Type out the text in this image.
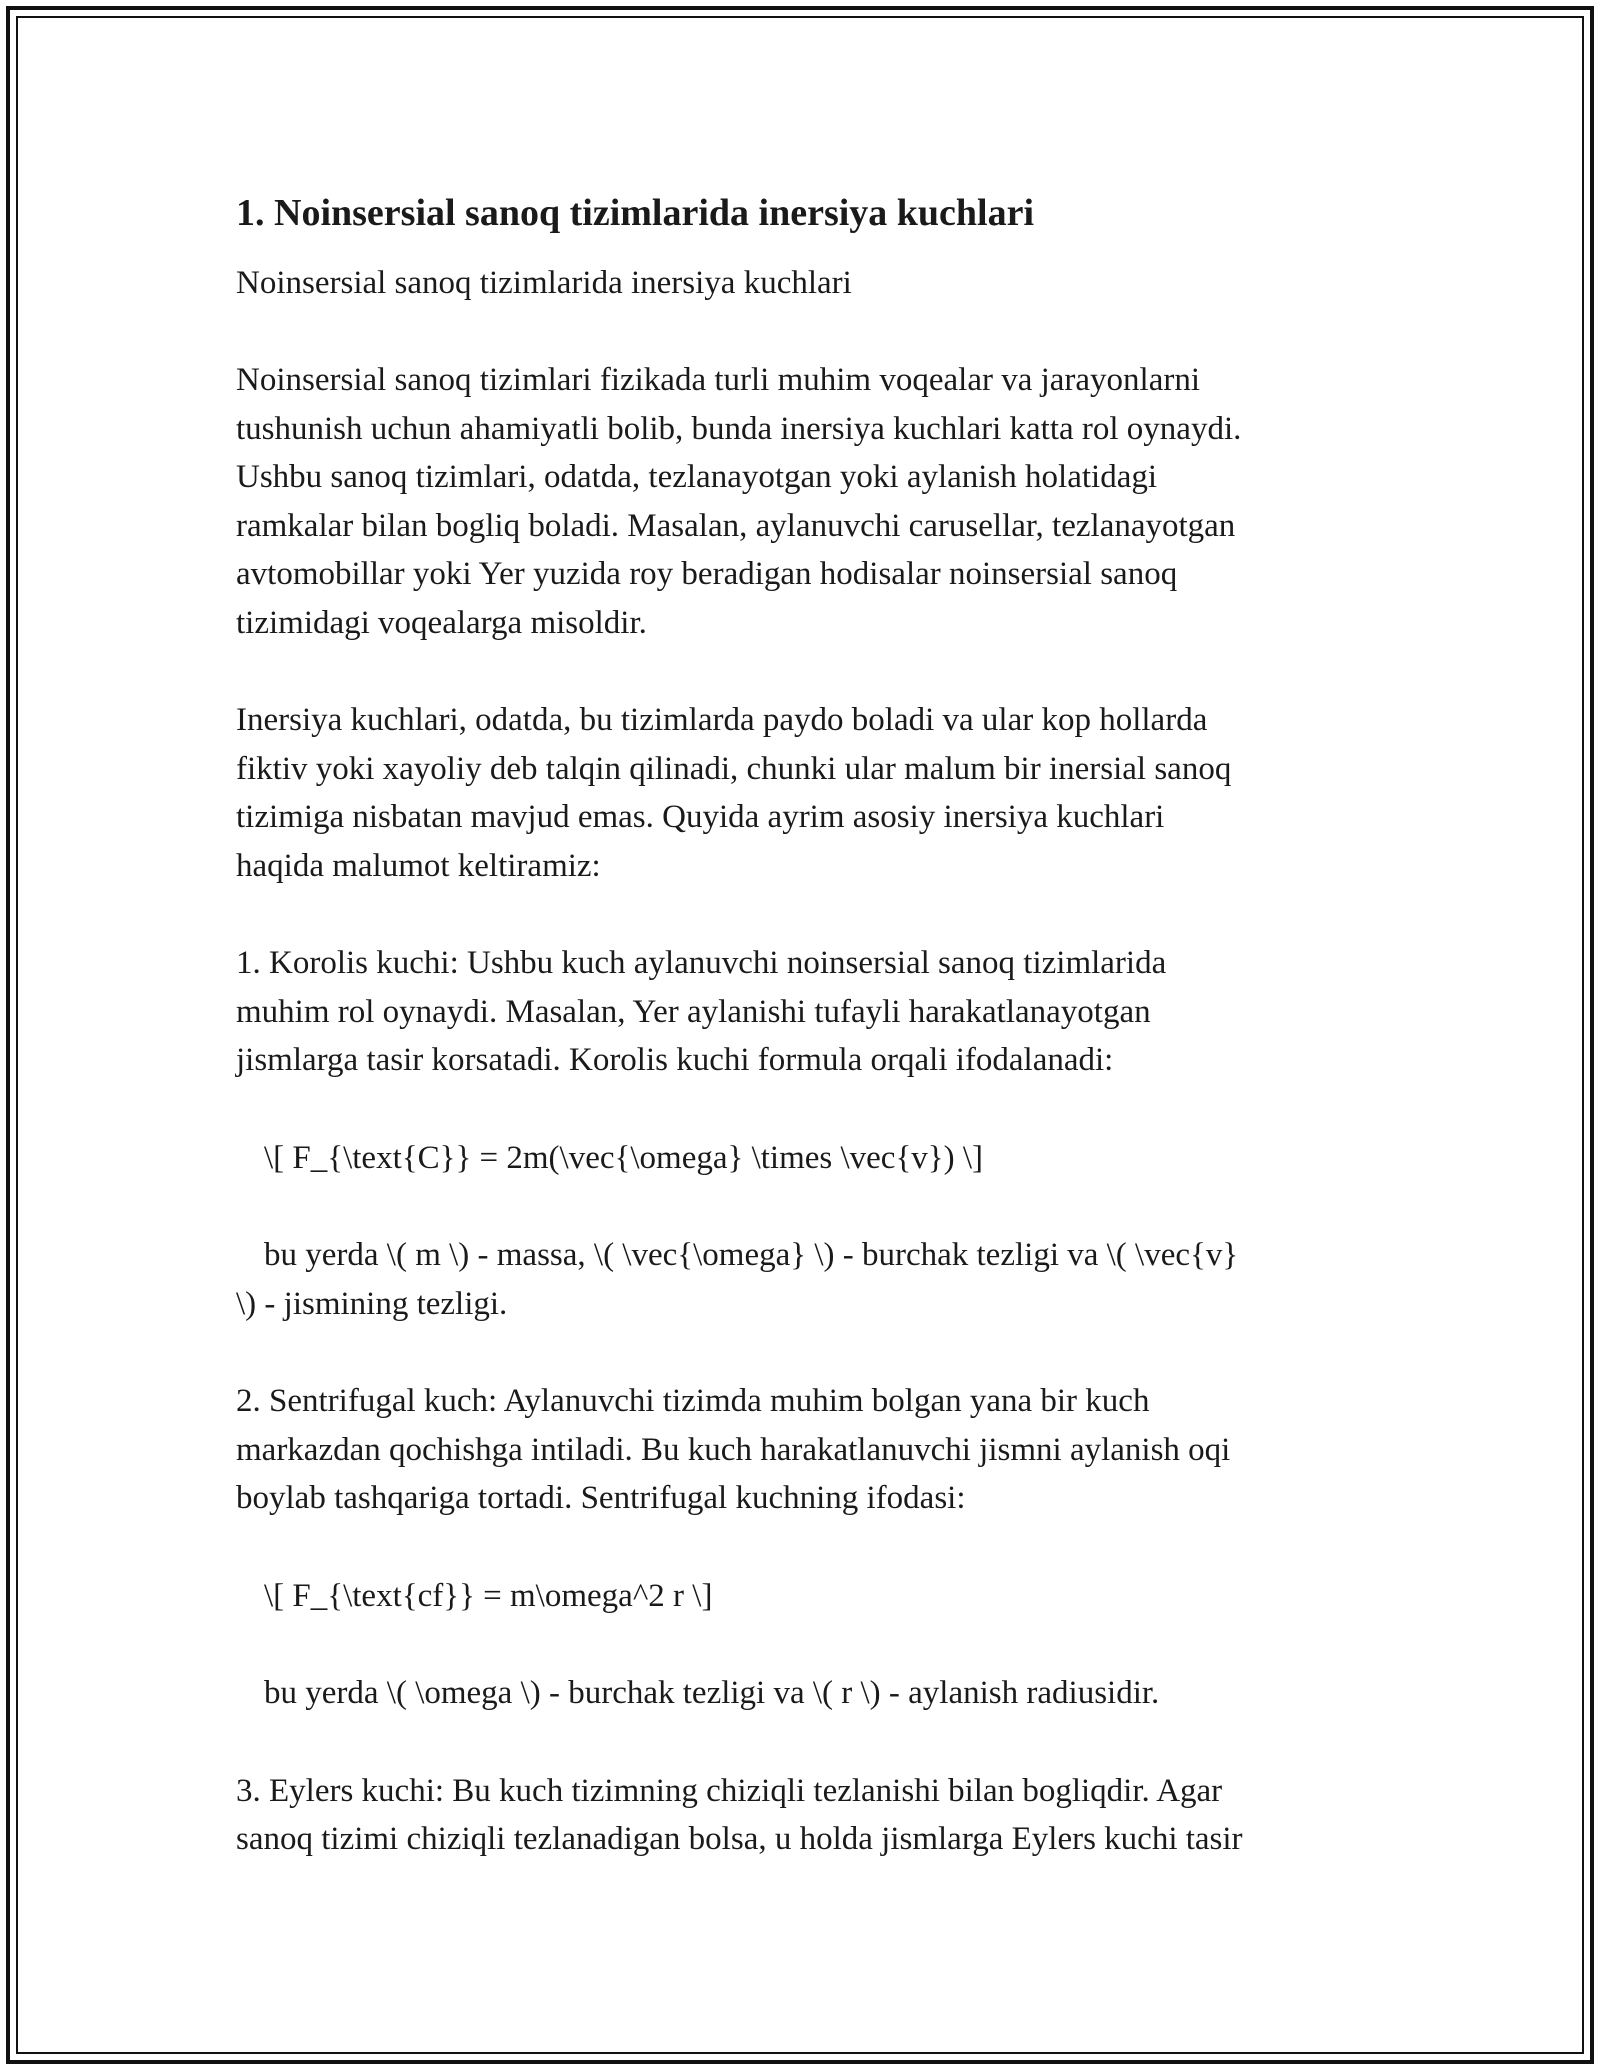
1. Noinsersial sanoq tizimlarida inersiya kuchlari
Noinsersial sanoq tizimlarida inersiya kuchlari

Noinsersial sanoq tizimlari fizikada turli muhim voqealar va jarayonlarni
tushunish uchun ahamiyatli bolib, bunda inersiya kuchlari katta rol oynaydi.
Ushbu sanoq tizimlari, odatda, tezlanayotgan yoki aylanish holatidagi
ramkalar bilan bogliq boladi. Masalan, aylanuvchi carusellar, tezlanayotgan
avtomobillar yoki Yer yuzida roy beradigan hodisalar noinsersial sanoq
tizimidagi voqealarga misoldir.

Inersiya kuchlari, odatda, bu tizimlarda paydo boladi va ular kop hollarda
fiktiv yoki xayoliy deb talqin qilinadi, chunki ular malum bir inersial sanoq
tizimiga nisbatan mavjud emas. Quyida ayrim asosiy inersiya kuchlari
haqida malumot keltiramiz:

1. Korolis kuchi: Ushbu kuch aylanuvchi noinsersial sanoq tizimlarida
muhim rol oynaydi. Masalan, Yer aylanishi tufayli harakatlanayotgan
jismlarga tasir korsatadi. Korolis kuchi formula orqali ifodalanadi:

\[ F_{\text{C}} = 2m(\vec{\omega} \times \vec{v}) \]

bu yerda \( m \) - massa, \( \vec{\omega} \) - burchak tezligi va \( \vec{v}
\) - jismining tezligi.

2. Sentrifugal kuch: Aylanuvchi tizimda muhim bolgan yana bir kuch
markazdan qochishga intiladi. Bu kuch harakatlanuvchi jismni aylanish oqi
boylab tashqariga tortadi. Sentrifugal kuchning ifodasi:

\[ F_{\text{cf}} = m\omega^2 r \]

bu yerda \( \omega \) - burchak tezligi va \( r \) - aylanish radiusidir.

3. Eylers kuchi: Bu kuch tizimning chiziqli tezlanishi bilan bogliqdir. Agar
sanoq tizimi chiziqli tezlanadigan bolsa, u holda jismlarga Eylers kuchi tasir
